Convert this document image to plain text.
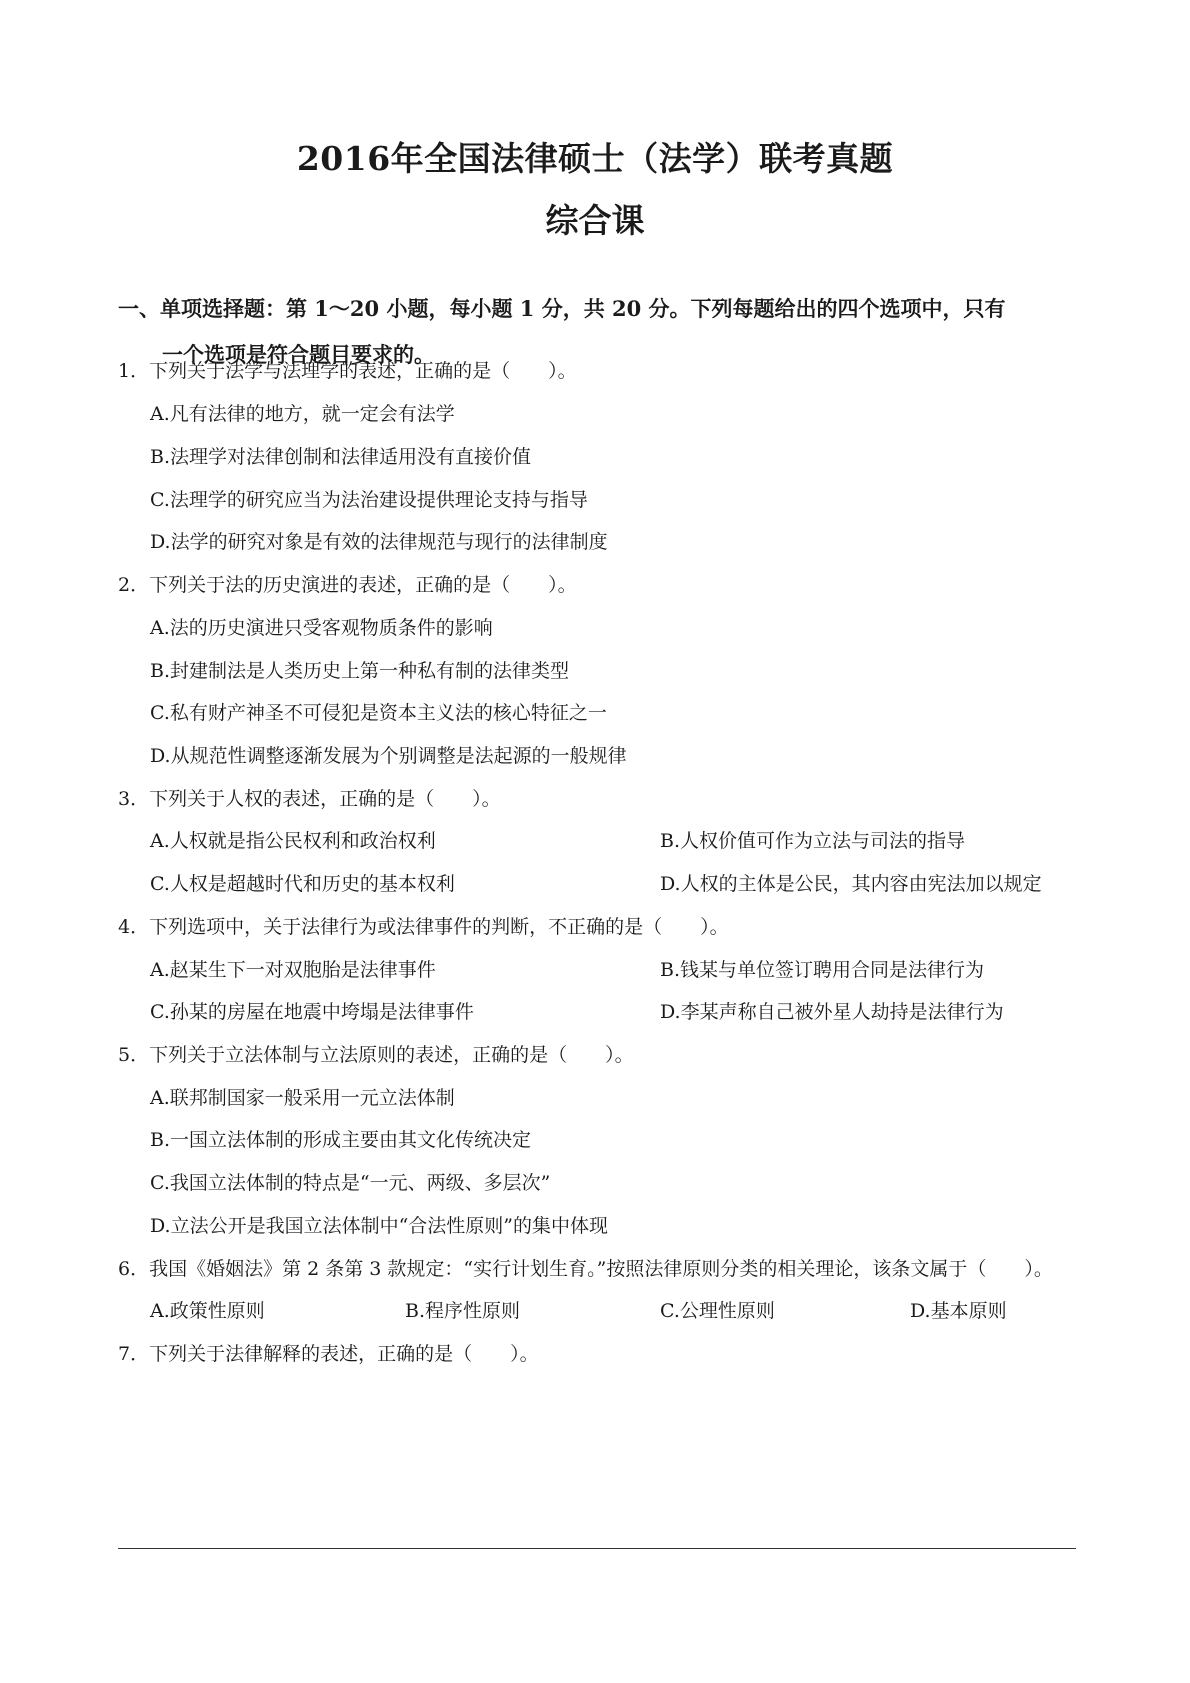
2016年全国法律硕士（法学）联考真题
综合课
一、单项选择题：第 1～20 小题，每小题 1 分，共 20 分。下列每题给出的四个选项中，只有
一个选项是符合题目要求的。
1．下列关于法学与法理学的表述，正确的是（　　）。
A.凡有法律的地方，就一定会有法学
B.法理学对法律创制和法律适用没有直接价值
C.法理学的研究应当为法治建设提供理论支持与指导
D.法学的研究对象是有效的法律规范与现行的法律制度
2．下列关于法的历史演进的表述，正确的是（　　）。
A.法的历史演进只受客观物质条件的影响
B.封建制法是人类历史上第一种私有制的法律类型
C.私有财产神圣不可侵犯是资本主义法的核心特征之一
D.从规范性调整逐渐发展为个别调整是法起源的一般规律
3．下列关于人权的表述，正确的是（　　）。
A.人权就是指公民权利和政治权利	B.人权价值可作为立法与司法的指导
C.人权是超越时代和历史的基本权利	D.人权的主体是公民，其内容由宪法加以规定
4．下列选项中，关于法律行为或法律事件的判断，不正确的是（　　）。
A.赵某生下一对双胞胎是法律事件	B.钱某与单位签订聘用合同是法律行为
C.孙某的房屋在地震中垮塌是法律事件	D.李某声称自己被外星人劫持是法律行为
5．下列关于立法体制与立法原则的表述，正确的是（　　）。
A.联邦制国家一般采用一元立法体制
B.一国立法体制的形成主要由其文化传统决定
C.我国立法体制的特点是“一元、两级、多层次”
D.立法公开是我国立法体制中“合法性原则”的集中体现
6．我国《婚姻法》第 2 条第 3 款规定：“实行计划生育。”按照法律原则分类的相关理论，该条文属于（　　）。
A.政策性原则	B.程序性原则	C.公理性原则	D.基本原则
7．下列关于法律解释的表述，正确的是（　　）。
